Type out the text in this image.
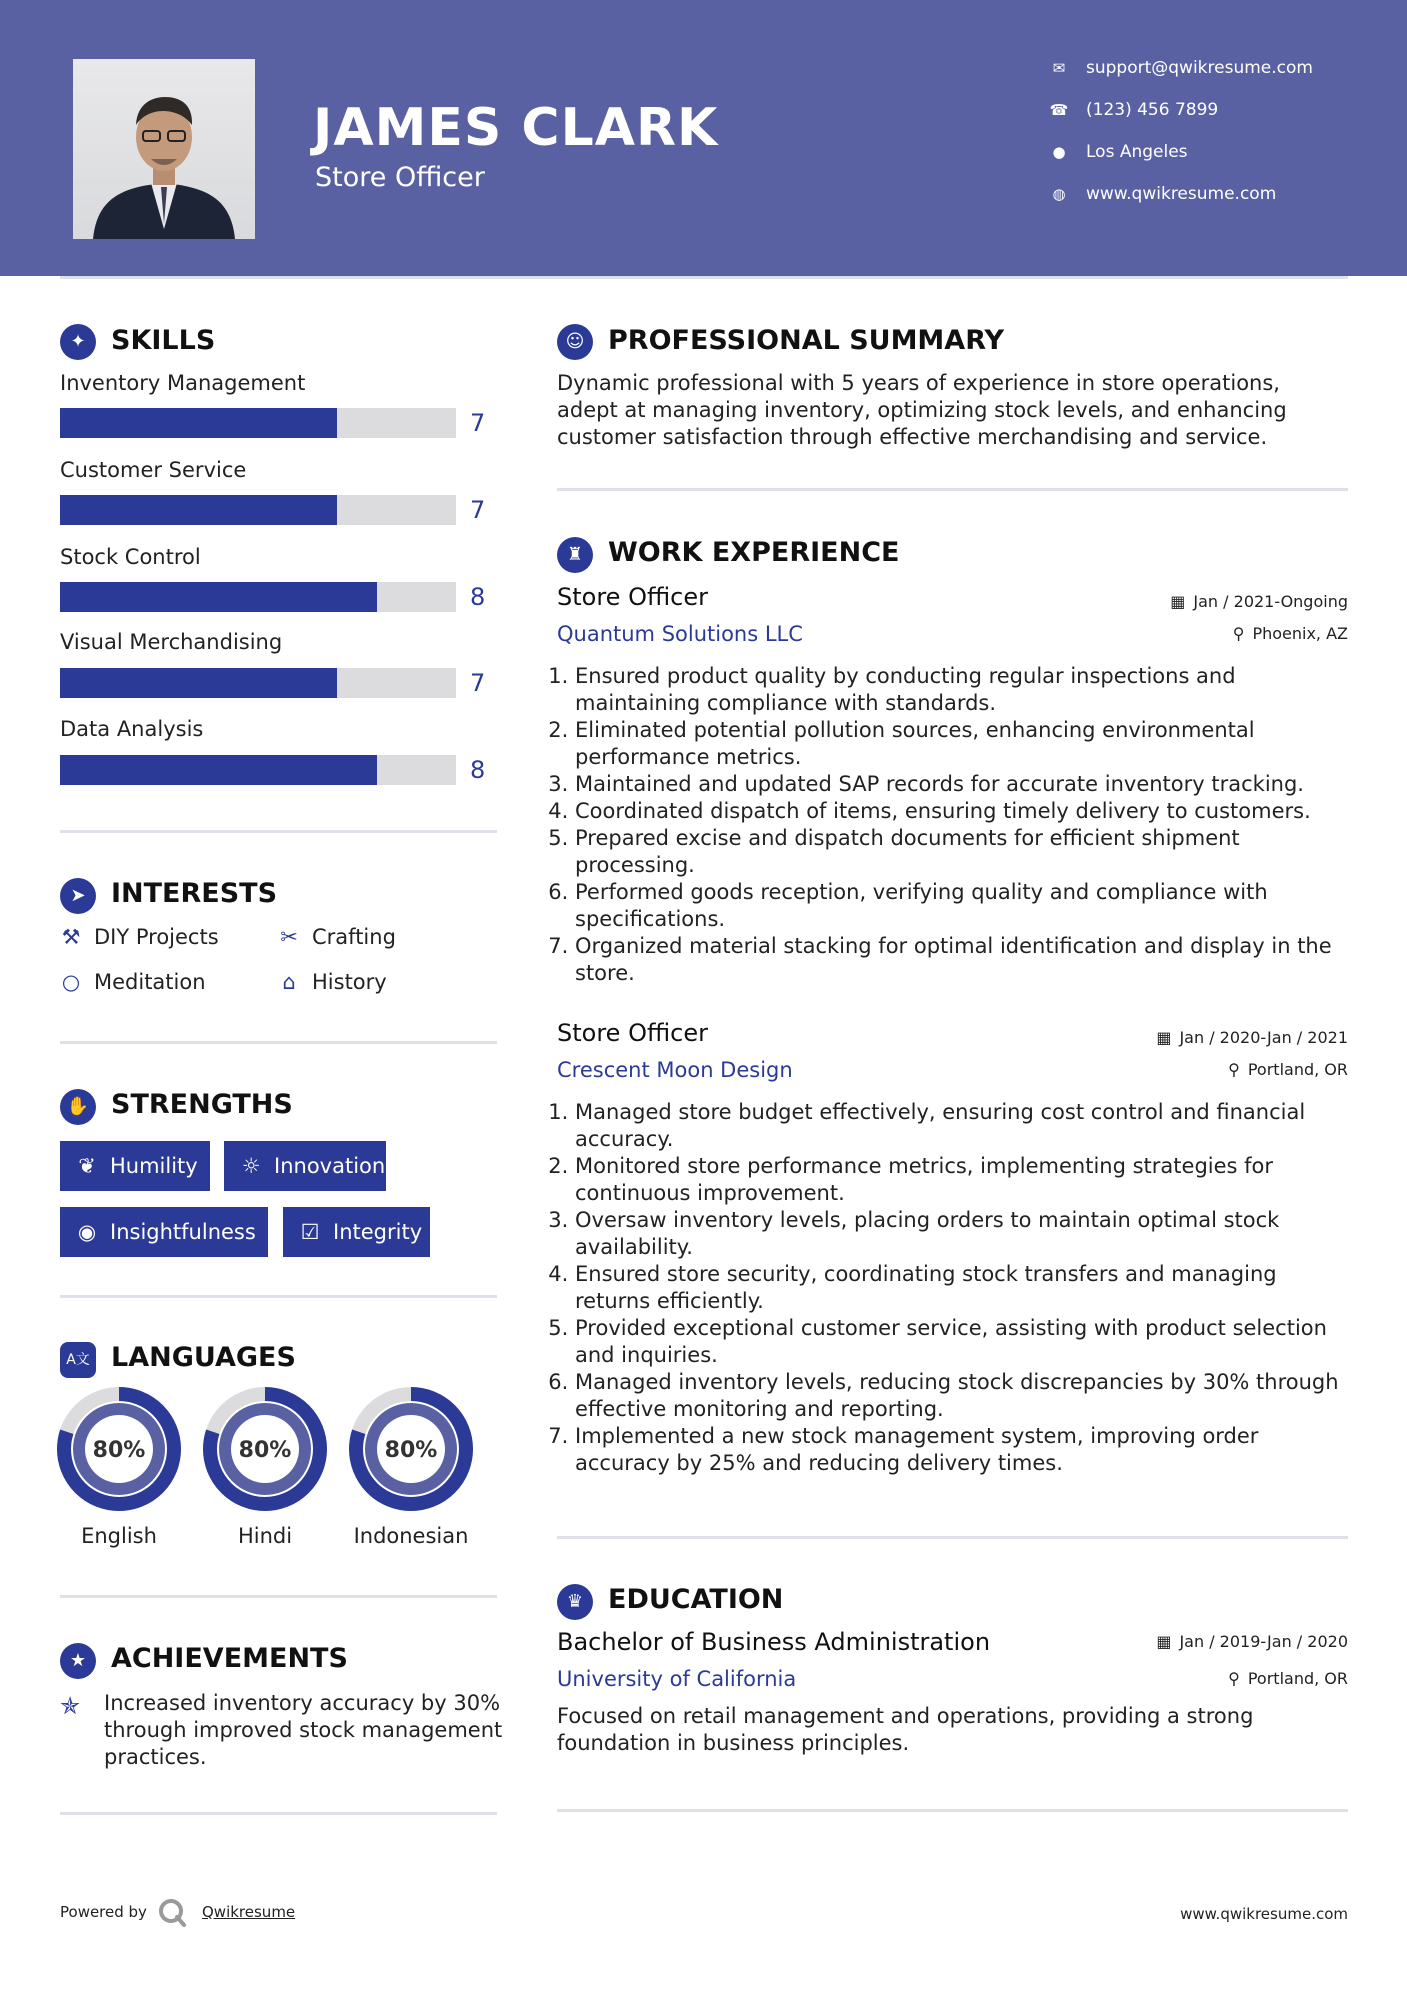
JAMES CLARK
Store Officer
✉ support@qwikresume.com
☎ (123) 456 7899
● Los Angeles
◍ www.qwikresume.com
✦ SKILLS
Inventory Management
7
Customer Service
7
Stock Control
8
Visual Merchandising
7
Data Analysis
8
➤ INTERESTS
⚒ DIY Projects	✂ Crafting
○ Meditation	⌂ History
✋ STRENGTHS
❦ Humility	☼ Innovation
◉ Insightfulness	☑ Integrity
A文 LANGUAGES
80%
English
80%
Hindi
80%
Indonesian
★ ACHIEVEMENTS
✯ Increased inventory accuracy by 30% through improved stock management practices.
☺ PROFESSIONAL SUMMARY
Dynamic professional with 5 years of experience in store operations, adept at managing inventory, optimizing stock levels, and enhancing customer satisfaction through effective merchandising and service.
♜ WORK EXPERIENCE
Store Officer	▦ Jan / 2021-Ongoing
Quantum Solutions LLC	⚲ Phoenix, AZ
1. Ensured product quality by conducting regular inspections and maintaining compliance with standards.
2. Eliminated potential pollution sources, enhancing environmental performance metrics.
3. Maintained and updated SAP records for accurate inventory tracking.
4. Coordinated dispatch of items, ensuring timely delivery to customers.
5. Prepared excise and dispatch documents for efficient shipment processing.
6. Performed goods reception, verifying quality and compliance with specifications.
7. Organized material stacking for optimal identification and display in the store.
Store Officer	▦ Jan / 2020-Jan / 2021
Crescent Moon Design	⚲ Portland, OR
1. Managed store budget effectively, ensuring cost control and financial accuracy.
2. Monitored store performance metrics, implementing strategies for continuous improvement.
3. Oversaw inventory levels, placing orders to maintain optimal stock availability.
4. Ensured store security, coordinating stock transfers and managing returns efficiently.
5. Provided exceptional customer service, assisting with product selection and inquiries.
6. Managed inventory levels, reducing stock discrepancies by 30% through effective monitoring and reporting.
7. Implemented a new stock management system, improving order accuracy by 25% and reducing delivery times.
♛ EDUCATION
Bachelor of Business Administration	▦ Jan / 2019-Jan / 2020
University of California	⚲ Portland, OR
Focused on retail management and operations, providing a strong foundation in business principles.
Powered by	Qwikresume	www.qwikresume.com
